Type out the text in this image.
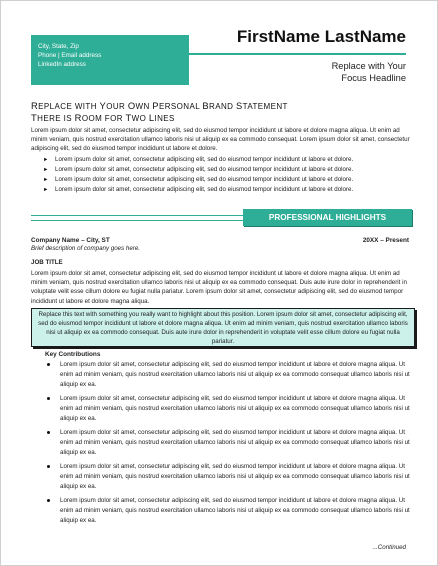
City, State, Zip
Phone | Email address
LinkedIn address
FirstName LastName
Replace with Your
Focus Headline
REPLACE WITH YOUR OWN PERSONAL BRAND STATEMENT
THERE IS ROOM FOR TWO LINES

Lorem ipsum dolor sit amet, consectetur adipiscing elit, sed do eiusmod tempor incididunt ut labore et dolore magna aliqua. Ut enim ad minim veniam, quis nostrud exercitation ullamco laboris nisi ut aliquip ex ea commodo consequat. Lorem ipsum dolor sit amet, consectetur adipiscing elit, sed do eiusmod tempor incididunt ut labore et dolore.

► Lorem ipsum dolor sit amet, consectetur adipiscing elit, sed do eiusmod tempor incididunt ut labore et dolore.
► Lorem ipsum dolor sit amet, consectetur adipiscing elit, sed do eiusmod tempor incididunt ut labore et dolore.
► Lorem ipsum dolor sit amet, consectetur adipiscing elit, sed do eiusmod tempor incididunt ut labore et dolore.
► Lorem ipsum dolor sit amet, consectetur adipiscing elit, sed do eiusmod tempor incididunt ut labore et dolore.
PROFESSIONAL HIGHLIGHTS
Company Name – City, ST	20XX – Present
Brief description of company goes here.
JOB TITLE

Lorem ipsum dolor sit amet, consectetur adipiscing elit, sed do eiusmod tempor incididunt ut labore et dolore magna aliqua. Ut enim ad minim veniam, quis nostrud exercitation ullamco laboris nisi ut aliquip ex ea commodo consequat. Duis aute irure dolor in reprehenderit in voluptate velit esse cillum dolore eu fugiat nulla pariatur. Lorem ipsum dolor sit amet, consectetur adipiscing elit, sed do eiusmod tempor incididunt ut labore et dolore magna aliqua.

Replace this text with something you really want to highlight about this position. Lorem ipsum dolor sit amet, consectetur adipiscing elit, sed do eiusmod tempor incididunt ut labore et dolore magna aliqua. Ut enim ad minim veniam, quis nostrud exercitation ullamco laboris nisi ut aliquip ex ea commodo consequat. Duis aute irure dolor in reprehenderit in voluptate velit esse cillum dolore eu fugiat nulla pariatur.
Key Contributions
Lorem ipsum dolor sit amet, consectetur adipiscing elit, sed do eiusmod tempor incididunt ut labore et dolore magna aliqua. Ut enim ad minim veniam, quis nostrud exercitation ullamco laboris nisi ut aliquip ex ea commodo consequat ullamco laboris nisi ut aliquip ex ea.
Lorem ipsum dolor sit amet, consectetur adipiscing elit, sed do eiusmod tempor incididunt ut labore et dolore magna aliqua. Ut enim ad minim veniam, quis nostrud exercitation ullamco laboris nisi ut aliquip ex ea commodo consequat ullamco laboris nisi ut aliquip ex ea.
Lorem ipsum dolor sit amet, consectetur adipiscing elit, sed do eiusmod tempor incididunt ut labore et dolore magna aliqua. Ut enim ad minim veniam, quis nostrud exercitation ullamco laboris nisi ut aliquip ex ea commodo consequat ullamco laboris nisi ut aliquip ex ea.
Lorem ipsum dolor sit amet, consectetur adipiscing elit, sed do eiusmod tempor incididunt ut labore et dolore magna aliqua. Ut enim ad minim veniam, quis nostrud exercitation ullamco laboris nisi ut aliquip ex ea commodo consequat ullamco laboris nisi ut aliquip ex ea.
Lorem ipsum dolor sit amet, consectetur adipiscing elit, sed do eiusmod tempor incididunt ut labore et dolore magna aliqua. Ut enim ad minim veniam, quis nostrud exercitation ullamco laboris nisi ut aliquip ex ea commodo consequat ullamco laboris nisi ut aliquip ex ea.
...Continued
